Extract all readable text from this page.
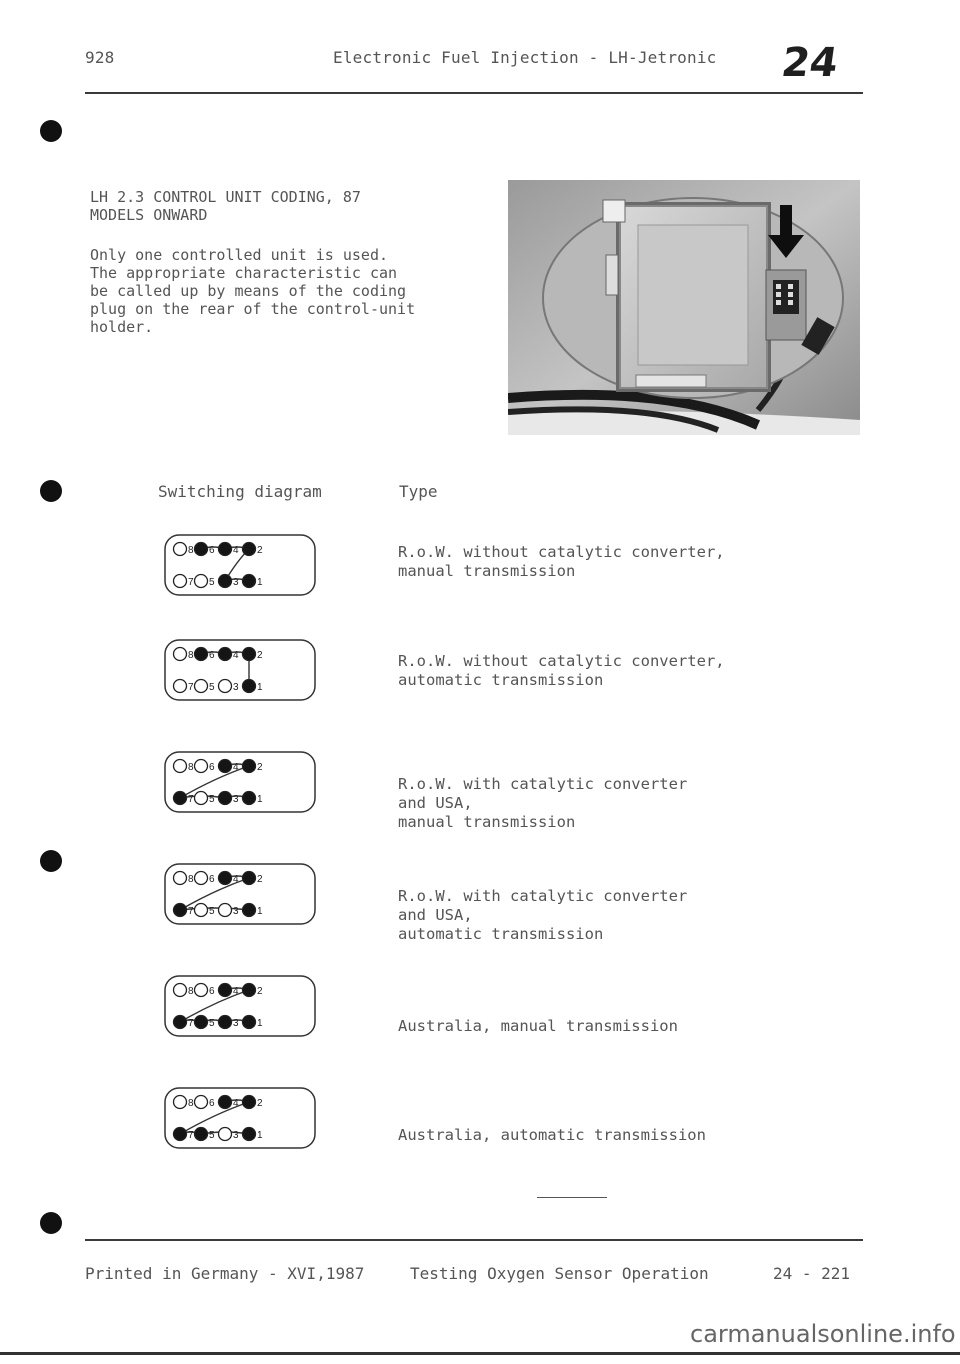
928	Electronic Fuel Injection - LH-Jetronic 24
LH 2.3 CONTROL UNIT CODING, 87
MODELS ONWARD
Only one controlled unit is used.
The appropriate characteristic can
be called up by means of the coding
plug on the rear of the control-unit
holder.
Switching diagram	Type
8 6 4 2
7 5 3 1
R.o.W. without catalytic converter,
manual transmission
8 6 4 2
7 5 3 1
R.o.W. without catalytic converter,
automatic transmission
8 6 4 2
7 5 3 1
R.o.W. with catalytic converter
and USA,
manual transmission
8 6 4 2
7 5 3 1
R.o.W. with catalytic converter
and USA,
automatic transmission
8 6 4 2
7 5 3 1	Australia, manual transmission
8 6 4 2
7 5 3 1	Australia, automatic transmission
Printed in Germany - XVI,1987	Testing Oxygen Sensor Operation	24 - 221
carmanualsonline.info
